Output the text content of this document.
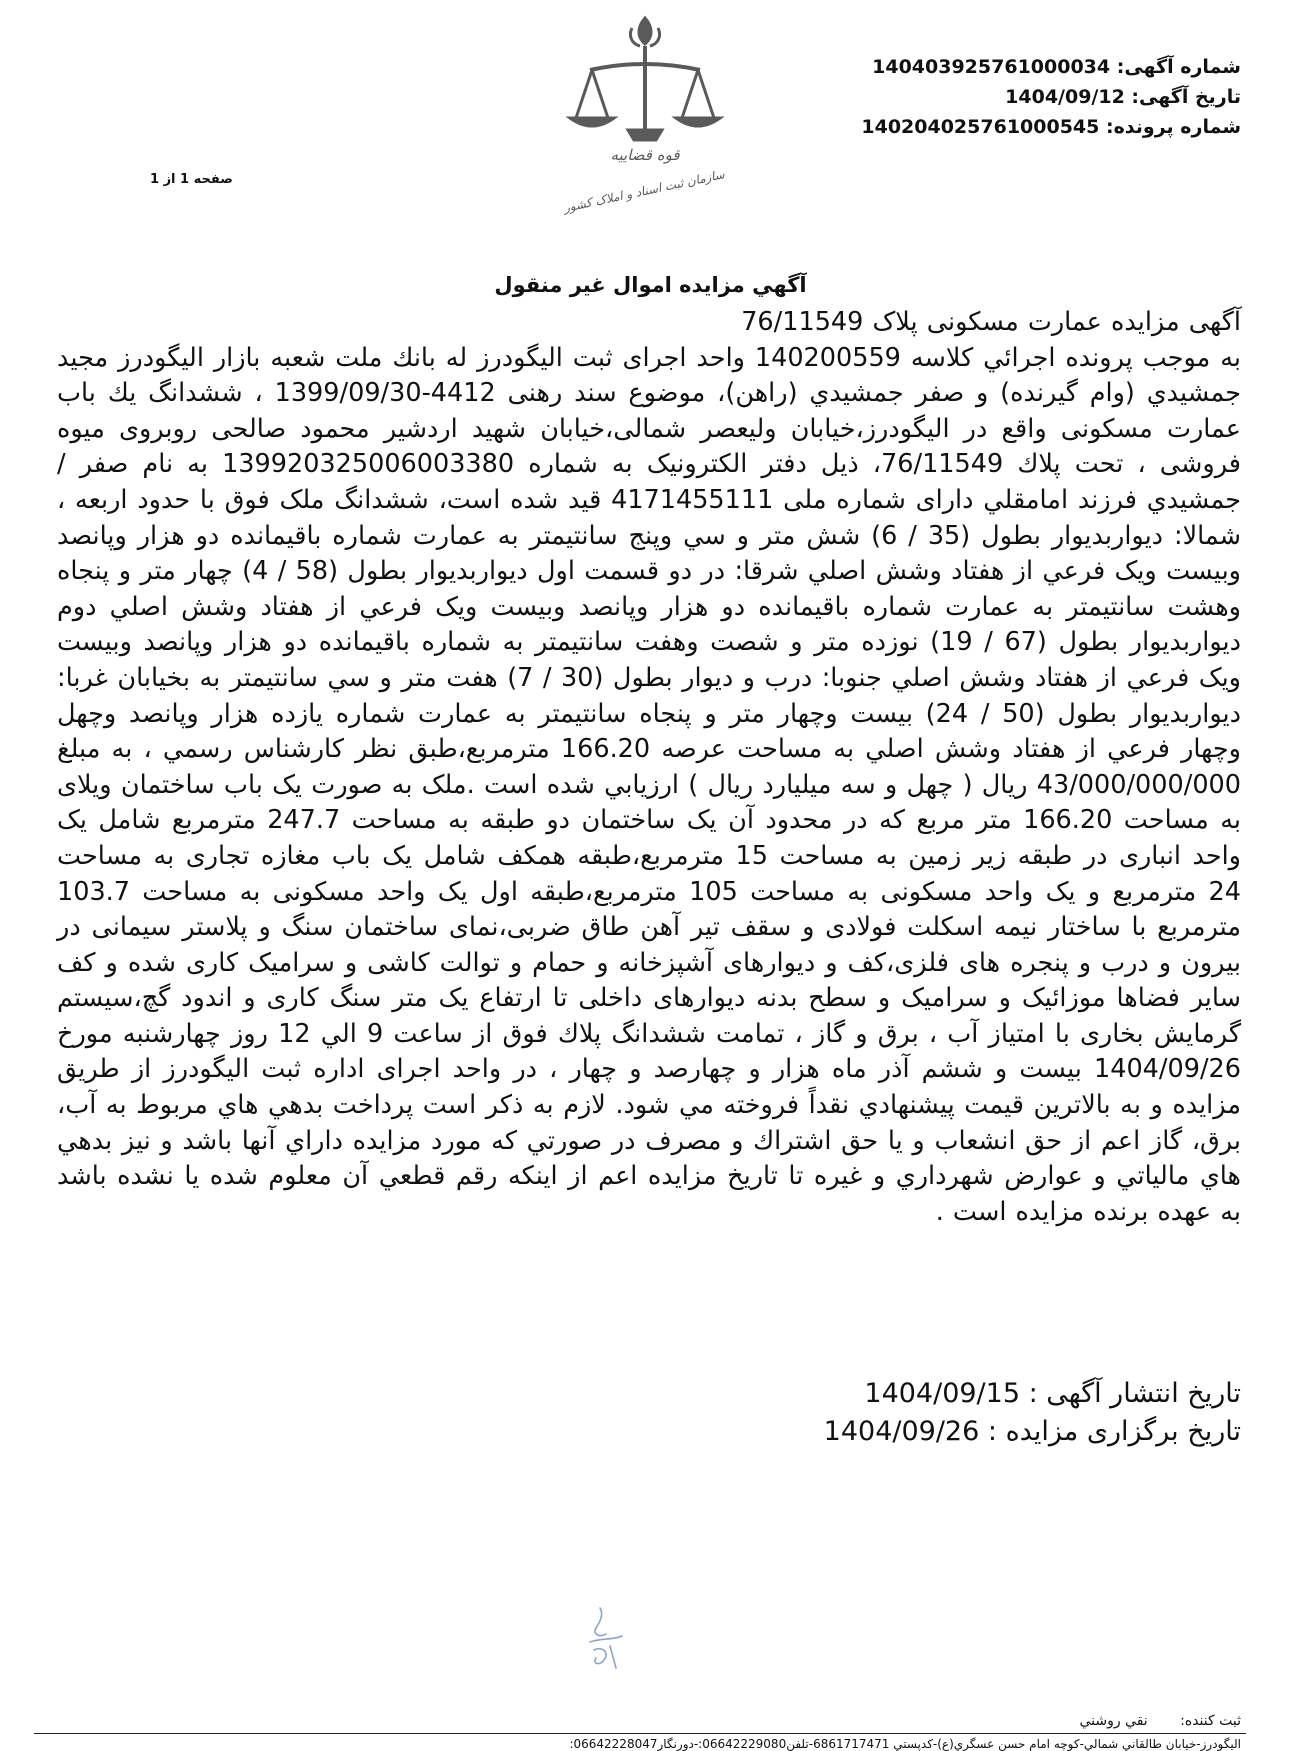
شماره آگهی: 14040392576100003​4
تاریخ آگهی: 1404/09/12
شماره پرونده: 140204025761000545
صفحه 1 از 1
قوه قضاییه
سازمان ثبت اسناد و املاک کشور
آگهي مزايده اموال غير منقول

آگهی مزايده عمارت مسکونی پلاک 76/11549

به موجب پرونده اجرائي كلاسه 140200559 واحد اجرای ثبت اليگودرز له بانك ملت شعبه بازار اليگودرز مجيد جمشيدي (وام گيرنده) و صفر جمشيدي (راهن)، موضوع سند رهنی 4412-1399/09/30 ، ششدانگ يك باب عمارت مسکونی واقع در اليگودرز،خيابان وليعصر شمالی،خيابان شهيد اردشير محمود صالحی روبروی ميوه فروشی ، تحت پلاك 76/11549، ذيل دفتر الکترونيک به شماره 139920325006003380 به نام صفر / جمشيدي فرزند امامقلي دارای شماره ملی 4171455111 قيد شده است، ششدانگ ملک فوق با حدود اربعه ، شمالا: ديواربديوار بطول (35 / 6) شش متر و سي وپنج سانتيمتر به عمارت شماره باقيمانده دو هزار وپانصد وبيست ويک فرعي از هفتاد وشش اصلي شرقا: در دو قسمت اول ديواربديوار بطول (58 / 4) چهار متر و پنجاه وهشت سانتيمتر به عمارت شماره باقيمانده دو هزار وپانصد وبيست ويک فرعي از هفتاد وشش اصلي دوم ديواربديوار بطول (67 / 19) نوزده متر و شصت وهفت سانتيمتر به شماره باقيمانده دو هزار وپانصد وبيست ويک فرعي از هفتاد وشش اصلي جنوبا: درب و ديوار بطول (30 / 7) هفت متر و سي سانتيمتر به بخيابان غربا: ديواربديوار بطول (50 / 24) بيست وچهار متر و پنجاه سانتيمتر به عمارت شماره يازده هزار وپانصد وچهل وچهار فرعي از هفتاد وشش اصلي به مساحت عرصه 166.20 مترمربع،طبق نظر كارشناس رسمي ، به مبلغ 43/000/000/000 ريال ( چهل و سه ميليارد ريال ) ارزيابي شده است .ملک به صورت يک باب ساختمان ويلای به مساحت 166.20 متر مربع كه در محدود آن يک ساختمان دو طبقه به مساحت 247.7 مترمربع شامل يک واحد انباری در طبقه زير زمين به مساحت 15 مترمربع،طبقه همکف شامل يک باب مغازه تجاری به مساحت 24 مترمربع و يک واحد مسکونی به مساحت 105 مترمربع،طبقه اول يک واحد مسکونی به مساحت 103.7 مترمربع با ساختار نيمه اسکلت فولادی و سقف تير آهن طاق ضربی،نمای ساختمان سنگ و پلاستر سيمانی در بيرون و درب و پنجره های فلزی،کف و ديوارهای آشپزخانه و حمام و توالت کاشی و سراميک کاری شده و کف ساير فضاها موزائيک و سراميک و سطح بدنه ديوارهای داخلی تا ارتفاع يک متر سنگ کاری و اندود گچ،سيستم گرمايش بخاری با امتياز آب ، برق و گاز ، تمامت ششدانگ پلاك فوق از ساعت 9 الي 12 روز چهارشنبه مورخ 1404/09/26 بيست و ششم آذر ماه هزار و چهارصد و چهار ، در واحد اجرای اداره ثبت اليگودرز از طريق مزايده و به بالاترين قيمت پيشنهادي نقداً فروخته مي شود. لازم به ذكر است پرداخت بدهي هاي مربوط به آب، برق، گاز اعم از حق انشعاب و يا حق اشتراك و مصرف در صورتي كه مورد مزايده داراي آنها باشد و نيز بدهي هاي مالياتي و عوارض شهرداري و غيره تا تاريخ مزايده اعم از اينكه رقم قطعي آن معلوم شده يا نشده باشد به عهده برنده مزايده است .

تاریخ انتشار آگهی : 1404/09/15
تاریخ برگزاری مزایده : 1404/09/26
ثبت کننده: نقي روشني
اليگودرز-خيابان طالقاني شمالي-کوچه امام حسن عسگري(ع)-کدپستي 6861717471-تلفن06642229080:-دورنگار06642228047:
